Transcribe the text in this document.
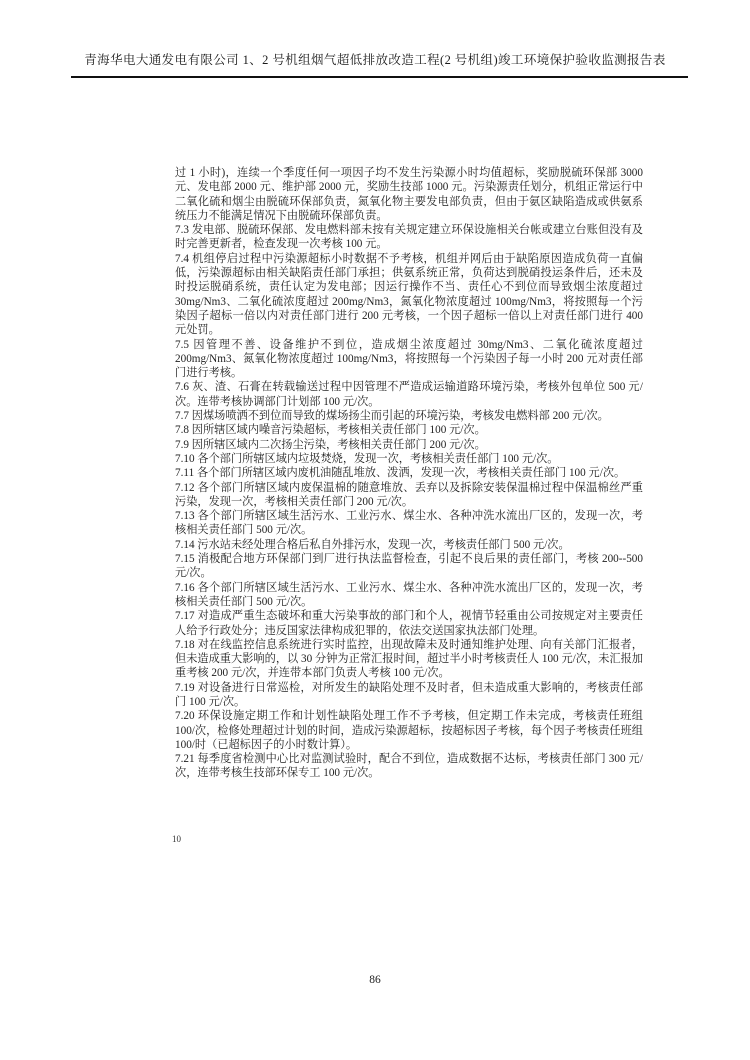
青海华电大通发电有限公司 1、2 号机组烟气超低排放改造工程(2 号机组)竣工环境保护验收监测报告表

过 1 小时)，连续一个季度任何一项因子均不发生污染源小时均值超标，奖励脱硫环保部 3000 元、发电部 2000 元、维护部 2000 元，奖励生技部 1000 元。污染源责任划分，机组正常运行中二氧化硫和烟尘由脱硫环保部负责，氮氧化物主要发电部负责，但由于氨区缺陷造成或供氨系统压力不能满足情况下由脱硫环保部负责。

7.3 发电部、脱硫环保部、发电燃料部未按有关规定建立环保设施相关台帐或建立台账但没有及时完善更新者，检查发现一次考核 100 元。

7.4 机组停启过程中污染源超标小时数据不予考核，机组并网后由于缺陷原因造成负荷一直偏低，污染源超标由相关缺陷责任部门承担；供氨系统正常，负荷达到脱硝投运条件后，还未及时投运脱硝系统，责任认定为发电部；因运行操作不当、责任心不到位而导致烟尘浓度超过 30mg/Nm3、二氧化硫浓度超过 200mg/Nm3，氮氧化物浓度超过 100mg/Nm3，将按照每一个污染因子超标一倍以内对责任部门进行 200 元考核，一个因子超标一倍以上对责任部门进行 400 元处罚。

7.5 因管理不善、设备维护不到位，造成烟尘浓度超过 30mg/Nm3、二氧化硫浓度超过 200mg/Nm3、氮氧化物浓度超过 100mg/Nm3，将按照每一个污染因子每一小时 200 元对责任部门进行考核。

7.6 灰、渣、石膏在转载输送过程中因管理不严造成运输道路环境污染，考核外包单位 500 元/次。连带考核协调部门计划部 100 元/次。

7.7 因煤场喷洒不到位而导致的煤场扬尘而引起的环境污染，考核发电燃料部 200 元/次。

7.8 因所辖区域内噪音污染超标，考核相关责任部门 100 元/次。

7.9 因所辖区域内二次扬尘污染，考核相关责任部门 200 元/次。

7.10 各个部门所辖区域内垃圾焚烧，发现一次，考核相关责任部门 100 元/次。

7.11 各个部门所辖区域内废机油随乱堆放、泼洒，发现一次，考核相关责任部门 100 元/次。

7.12 各个部门所辖区域内废保温棉的随意堆放、丢弃以及拆除安装保温棉过程中保温棉丝严重污染，发现一次，考核相关责任部门 200 元/次。

7.13 各个部门所辖区域生活污水、工业污水、煤尘水、各种冲洗水流出厂区的，发现一次，考核相关责任部门 500 元/次。

7.14 污水站未经处理合格后私自外排污水，发现一次，考核责任部门 500 元/次。

7.15 消极配合地方环保部门到厂进行执法监督检查，引起不良后果的责任部门，考核 200--500 元/次。

7.16 各个部门所辖区域生活污水、工业污水、煤尘水、各种冲洗水流出厂区的，发现一次，考核相关责任部门 500 元/次。

7.17 对造成严重生态破坏和重大污染事故的部门和个人，视情节轻重由公司按规定对主要责任人给予行政处分；违反国家法律构成犯罪的，依法交送国家执法部门处理。

7.18 对在线监控信息系统进行实时监控，出现故障未及时通知维护处理、向有关部门汇报者，但未造成重大影响的，以 30 分钟为正常汇报时间，超过半小时考核责任人 100 元/次，未汇报加重考核 200 元/次，并连带本部门负责人考核 100 元/次。

7.19 对设备进行日常巡检，对所发生的缺陷处理不及时者，但未造成重大影响的，考核责任部门 100 元/次。

7.20 环保设施定期工作和计划性缺陷处理工作不予考核，但定期工作未完成，考核责任班组 100/次，检修处理超过计划的时间，造成污染源超标，按超标因子考核，每个因子考核责任班组 100/时（已超标因子的小时数计算）。

7.21 每季度省检测中心比对监测试验时，配合不到位，造成数据不达标，考核责任部门 300 元/次，连带考核生技部环保专工 100 元/次。

10
86
